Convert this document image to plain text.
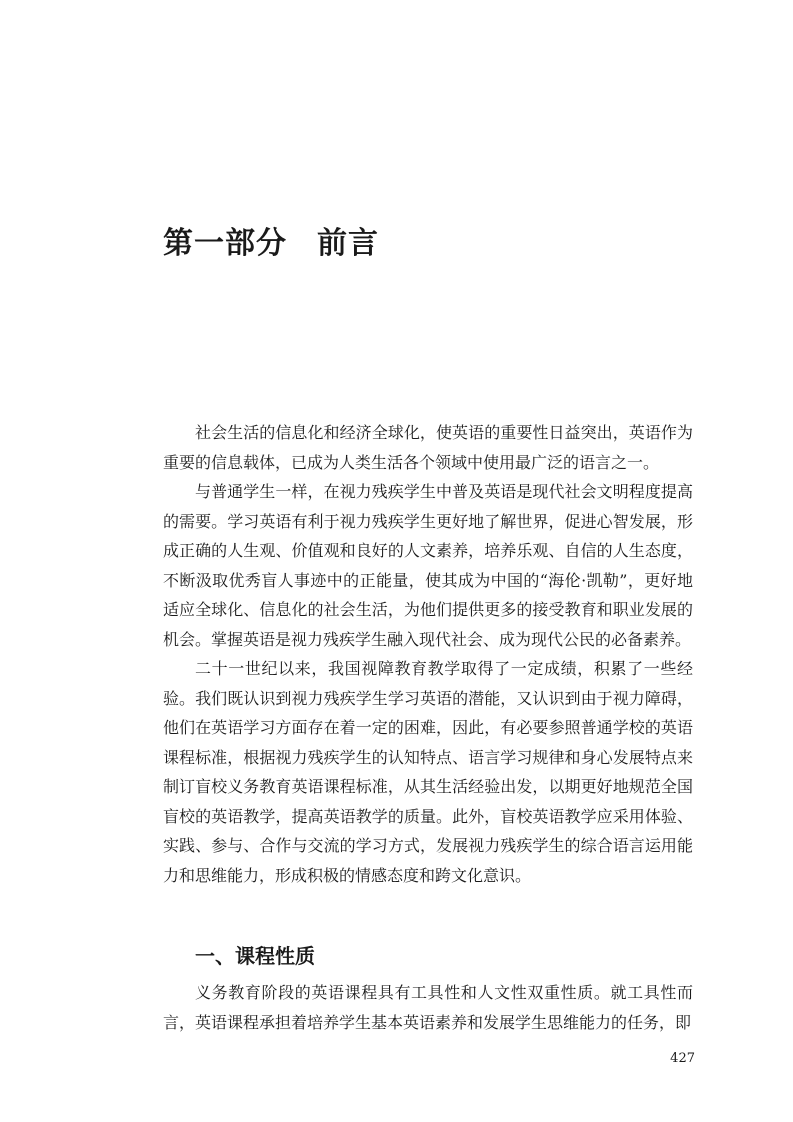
第一部分 前言

社会生活的信息化和经济全球化，使英语的重要性日益突出，英语作为重要的信息载体，已成为人类生活各个领域中使用最广泛的语言之一。

与普通学生一样，在视力残疾学生中普及英语是现代社会文明程度提高的需要。学习英语有利于视力残疾学生更好地了解世界，促进心智发展，形成正确的人生观、价值观和良好的人文素养，培养乐观、自信的人生态度，不断汲取优秀盲人事迹中的正能量，使其成为中国的“海伦·凯勒”，更好地适应全球化、信息化的社会生活，为他们提供更多的接受教育和职业发展的机会。掌握英语是视力残疾学生融入现代社会、成为现代公民的必备素养。

二十一世纪以来，我国视障教育教学取得了一定成绩，积累了一些经验。我们既认识到视力残疾学生学习英语的潜能，又认识到由于视力障碍，他们在英语学习方面存在着一定的困难，因此，有必要参照普通学校的英语课程标准，根据视力残疾学生的认知特点、语言学习规律和身心发展特点来制订盲校义务教育英语课程标准，从其生活经验出发，以期更好地规范全国盲校的英语教学，提高英语教学的质量。此外，盲校英语教学应采用体验、实践、参与、合作与交流的学习方式，发展视力残疾学生的综合语言运用能力和思维能力，形成积极的情感态度和跨文化意识。

一、课程性质

义务教育阶段的英语课程具有工具性和人文性双重性质。就工具性而言，英语课程承担着培养学生基本英语素养和发展学生思维能力的任务，即

427
